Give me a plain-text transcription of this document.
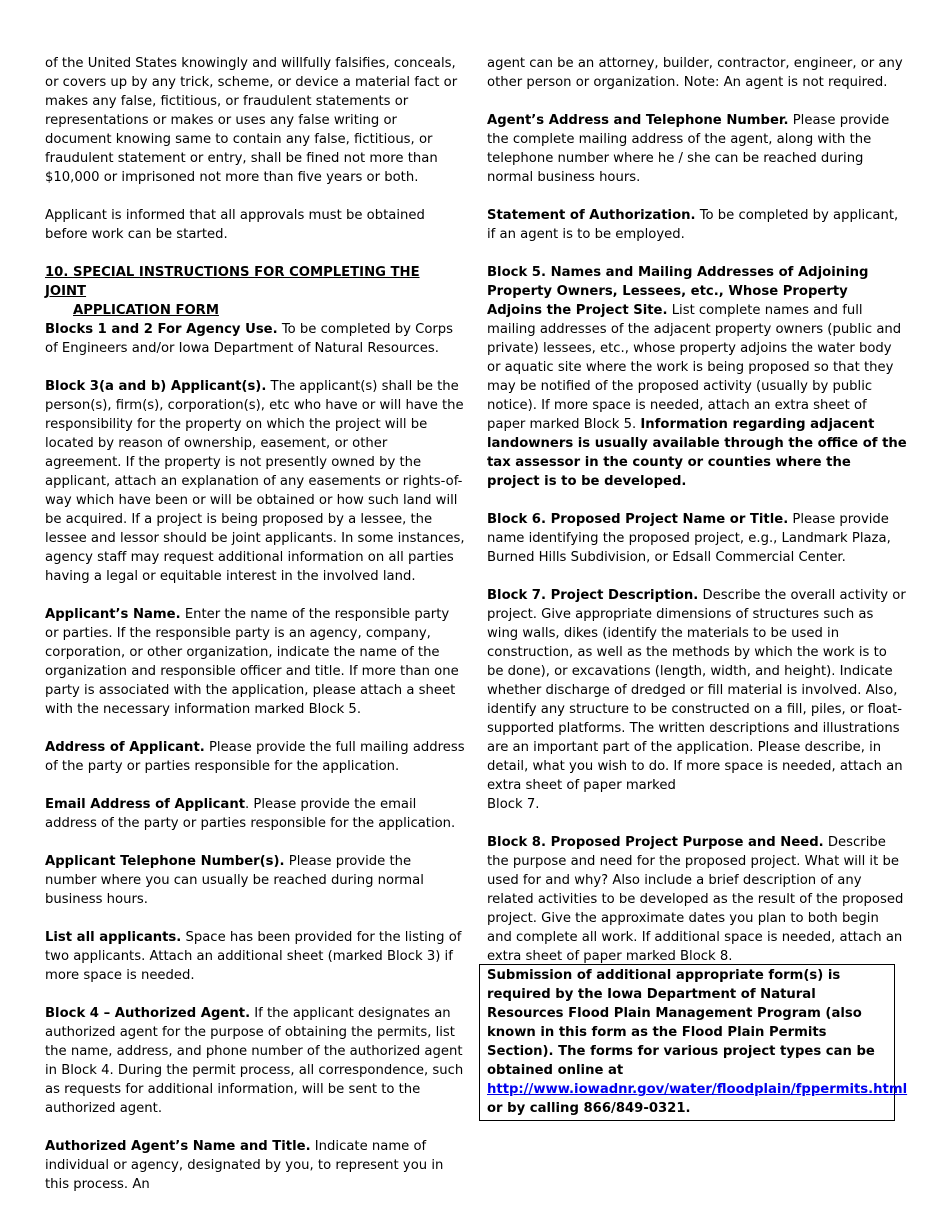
of the United States knowingly and willfully falsifies, conceals, or covers up by any trick, scheme, or device a material fact or makes any false, fictitious, or fraudulent statements or representations or makes or uses any false writing or document knowing same to contain any false, fictitious, or fraudulent statement or entry, shall be fined not more than $10,000 or imprisoned not more than five years or both.

Applicant is informed that all approvals must be obtained before work can be started.

10. SPECIAL INSTRUCTIONS FOR COMPLETING THE JOINT
APPLICATION FORM

Blocks 1 and 2 For Agency Use. To be completed by Corps of Engineers and/or Iowa Department of Natural Resources.

Block 3(a and b) Applicant(s). The applicant(s) shall be the person(s), firm(s), corporation(s), etc who have or will have the responsibility for the property on which the project will be located by reason of ownership, easement, or other agreement. If the property is not presently owned by the applicant, attach an explanation of any easements or rights-of-way which have been or will be obtained or how such land will be acquired. If a project is being proposed by a lessee, the lessee and lessor should be joint applicants. In some instances, agency staff may request additional information on all parties having a legal or equitable interest in the involved land.

Applicant’s Name. Enter the name of the responsible party or parties. If the responsible party is an agency, company, corporation, or other organization, indicate the name of the organization and responsible officer and title. If more than one party is associated with the application, please attach a sheet with the necessary information marked Block 5.

Address of Applicant. Please provide the full mailing address of the party or parties responsible for the application.

Email Address of Applicant. Please provide the email address of the party or parties responsible for the application.

Applicant Telephone Number(s). Please provide the number where you can usually be reached during normal business hours.

List all applicants. Space has been provided for the listing of two applicants. Attach an additional sheet (marked Block 3) if more space is needed.

Block 4 – Authorized Agent. If the applicant designates an authorized agent for the purpose of obtaining the permits, list the name, address, and phone number of the authorized agent in Block 4. During the permit process, all correspondence, such as requests for additional information, will be sent to the authorized agent.

Authorized Agent’s Name and Title. Indicate name of individual or agency, designated by you, to represent you in this process. An

agent can be an attorney, builder, contractor, engineer, or any other person or organization. Note: An agent is not required.

Agent’s Address and Telephone Number. Please provide the complete mailing address of the agent, along with the telephone number where he / she can be reached during normal business hours.

Statement of Authorization. To be completed by applicant, if an agent is to be employed.

Block 5. Names and Mailing Addresses of Adjoining Property Owners, Lessees, etc., Whose Property Adjoins the Project Site. List complete names and full mailing addresses of the adjacent property owners (public and private) lessees, etc., whose property adjoins the water body or aquatic site where the work is being proposed so that they may be notified of the proposed activity (usually by public notice). If more space is needed, attach an extra sheet of paper marked Block 5. Information regarding adjacent landowners is usually available through the office of the tax assessor in the county or counties where the project is to be developed.

Block 6. Proposed Project Name or Title. Please provide name identifying the proposed project, e.g., Landmark Plaza, Burned Hills Subdivision, or Edsall Commercial Center.

Block 7. Project Description. Describe the overall activity or project. Give appropriate dimensions of structures such as wing walls, dikes (identify the materials to be used in construction, as well as the methods by which the work is to be done), or excavations (length, width, and height). Indicate whether discharge of dredged or fill material is involved. Also, identify any structure to be constructed on a fill, piles, or float-supported platforms. The written descriptions and illustrations are an important part of the application. Please describe, in detail, what you wish to do. If more space is needed, attach an extra sheet of paper marked
Block 7.

Block 8. Proposed Project Purpose and Need. Describe the purpose and need for the proposed project. What will it be used for and why? Also include a brief description of any related activities to be developed as the result of the proposed project. Give the approximate dates you plan to both begin and complete all work. If additional space is needed, attach an extra sheet of paper marked Block 8.

Submission of additional appropriate form(s) is required by the Iowa Department of Natural Resources Flood Plain Management Program (also known in this form as the Flood Plain Permits Section). The forms for various project types can be obtained online at
http://www.iowadnr.gov/water/floodplain/fppermits.html
or by calling 866/849-0321.
